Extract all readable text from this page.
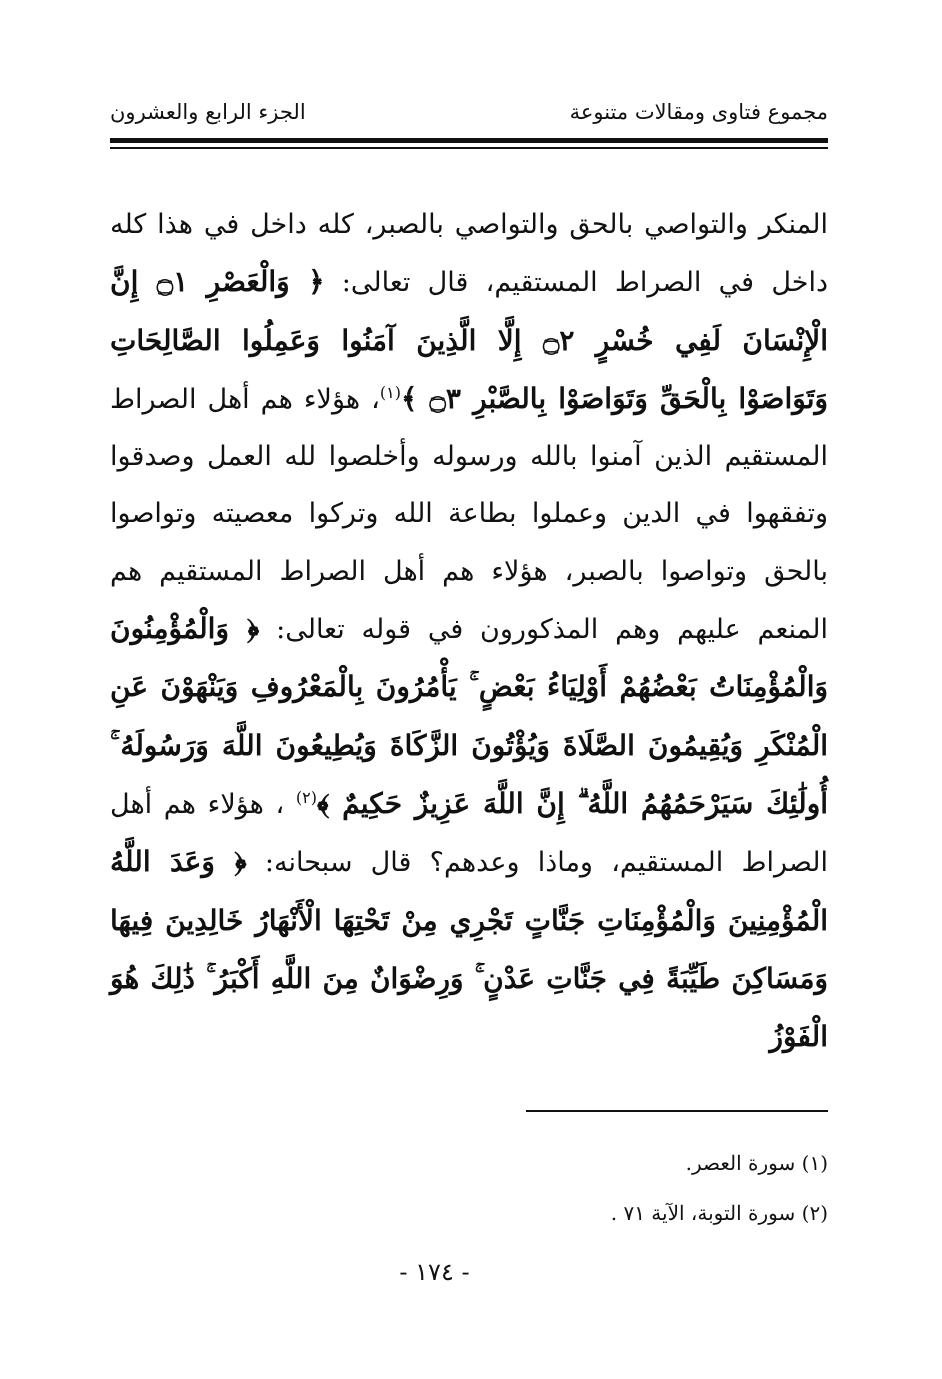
مجموع فتاوى ومقالات متنوعة
الجزء الرابع والعشرون

المنكر والتواصي بالحق والتواصي بالصبر، كله داخل في هذا كله داخل في الصراط المستقيم، قال تعالى: ﴿ وَالْعَصْرِ ۝١ إِنَّ الْإِنْسَانَ لَفِي خُسْرٍ ۝٢ إِلَّا الَّذِينَ آمَنُوا وَعَمِلُوا الصَّالِحَاتِ وَتَوَاصَوْا بِالْحَقِّ وَتَوَاصَوْا بِالصَّبْرِ ۝٣ ﴾$^{(١)}$، هؤلاء هم أهل الصراط المستقيم الذين آمنوا بالله ورسوله وأخلصوا لله العمل وصدقوا وتفقهوا في الدين وعملوا بطاعة الله وتركوا معصيته وتواصوا بالحق وتواصوا بالصبر، هؤلاء هم أهل الصراط المستقيم هم المنعم عليهم وهم المذكورون في قوله تعالى: ﴿ وَالْمُؤْمِنُونَ وَالْمُؤْمِنَاتُ بَعْضُهُمْ أَوْلِيَاءُ بَعْضٍ ۚ يَأْمُرُونَ بِالْمَعْرُوفِ وَيَنْهَوْنَ عَنِ الْمُنْكَرِ وَيُقِيمُونَ الصَّلَاةَ وَيُؤْتُونَ الزَّكَاةَ وَيُطِيعُونَ اللَّهَ وَرَسُولَهُ ۚ أُولَٰئِكَ سَيَرْحَمُهُمُ اللَّهُ ۗ إِنَّ اللَّهَ عَزِيزٌ حَكِيمٌ ﴾$^{(٢)}$ ، هؤلاء هم أهل الصراط المستقيم، وماذا وعدهم؟ قال سبحانه: ﴿ وَعَدَ اللَّهُ الْمُؤْمِنِينَ وَالْمُؤْمِنَاتِ جَنَّاتٍ تَجْرِي مِنْ تَحْتِهَا الْأَنْهَارُ خَالِدِينَ فِيهَا وَمَسَاكِنَ طَيِّبَةً فِي جَنَّاتِ عَدْنٍ ۚ وَرِضْوَانٌ مِنَ اللَّهِ أَكْبَرُ ۚ ذَٰلِكَ هُوَ الْفَوْزُ

(١) سورة العصر.
(٢) سورة التوبة، الآية ٧١ .
- ١٧٤ -
